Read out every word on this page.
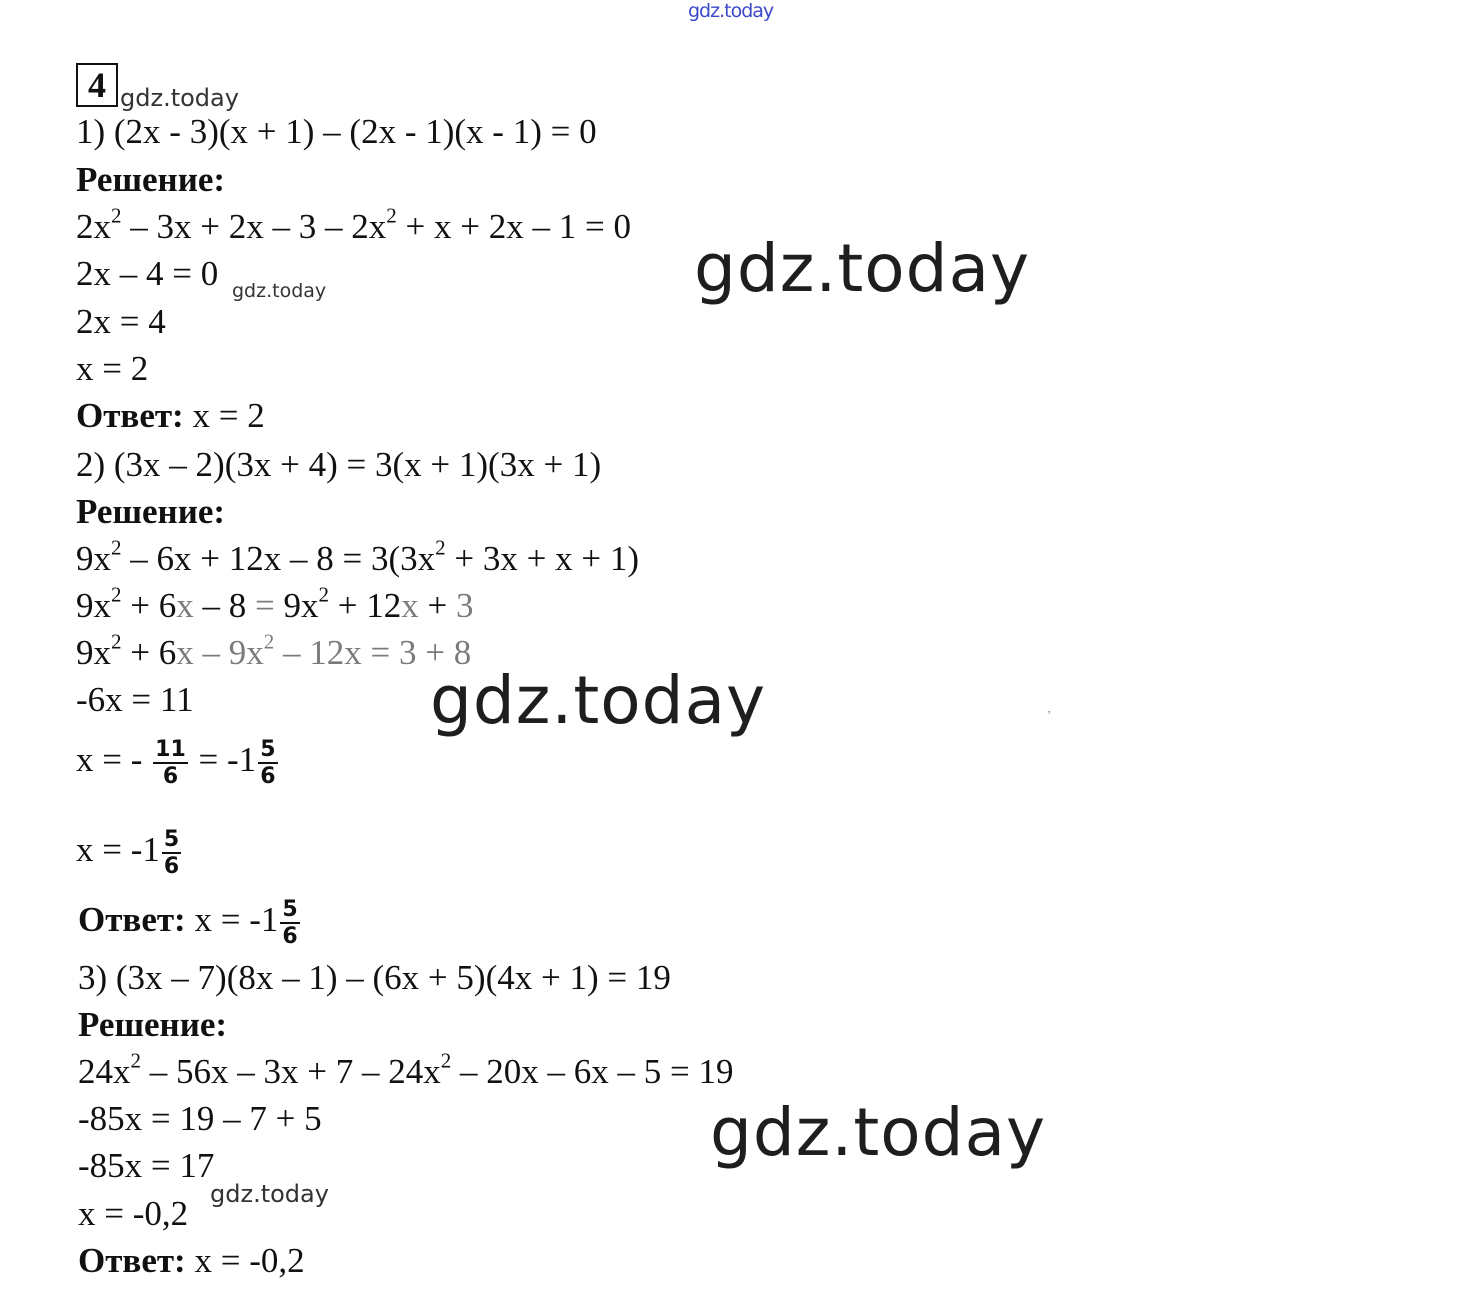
gdz.today
4 gdz.today
1) (2x - 3)(x + 1) – (2x - 1)(x - 1) = 0
Решение:
$2x^2 - 3x + 2x - 3 - 2x^2 + x + 2x - 1 = 0$
2x – 4 = 0 gdz.today
2x = 4
x = 2
Ответ: x = 2
gdz.today
2) (3x – 2)(3x + 4) = 3(x + 1)(3x + 1)
Решение:
$9x^2 - 6x + 12x - 8 = 3(3x^2 + 3x + x + 1)$
$9x^2 + 6x - 8 = 9x^2 + 12x + 3$
$9x^2 + 6x - 9x^2 - 12x = 3 + 8$
-6x = 11	gdz.today	,
x = - $\frac{11}{6} = -1 \frac{5}{6}$
$x = -1 \frac{5}{6}$
Ответ: $x = -1 \frac{5}{6}$
3) (3x – 7)(8x – 1) – (6x + 5)(4x + 1) = 19
Решение:
$24x^2 - 56x - 3x + 7 - 24x^2 - 20x - 6x - 5 = 19$
-85x = 19 – 7 + 5
-85x = 17
x = -0,2 gdz.today
Ответ: x = -0,2
gdz.today
